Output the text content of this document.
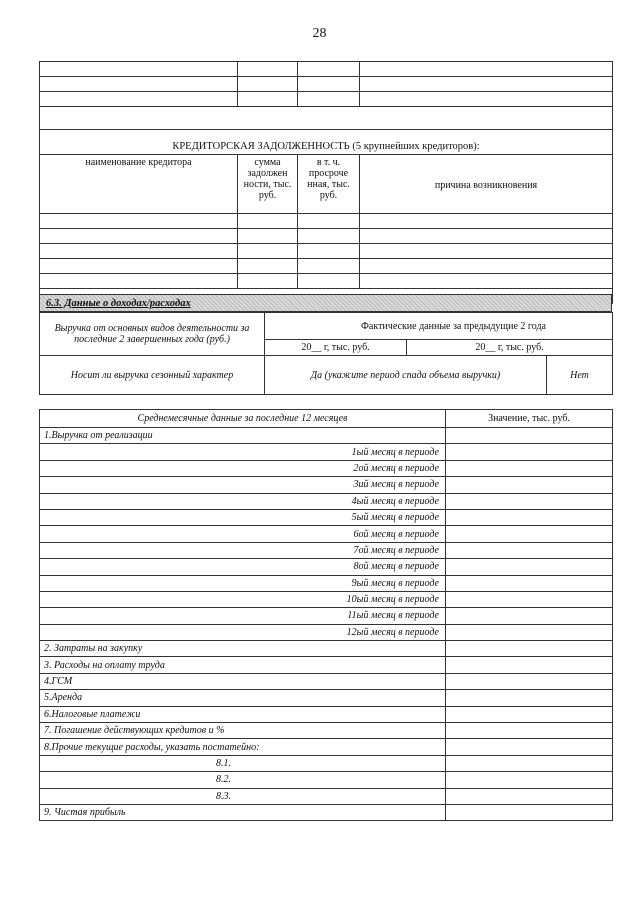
28

КРЕДИТОРСКАЯ ЗАДОЛЖЕННОСТЬ (5 крупнейших кредиторов):			
наименование кредитора	сумма задолжен ности, тыс. руб.	в т. ч. просроче нная, тыс. руб.	причина возникновения

6.3. Данные о доходах/расходах
Выручка от основных видов деятельности за последние 2 завершенных года (руб.)	Фактические данные за предыдущие 2 года		
	20__ г, тыс. руб.	20__ г, тыс. руб.	
Носит ли выручка сезонный характер	Да (укажите период спада объема выручки)		Нет
Среднемесячные данные за последние 12 месяцев	Значение, тыс. руб.
1.Выручка от реализации	
1ый месяц в периоде	
2ой месяц в периоде	
3ий месяц в периоде	
4ый месяц в периоде	
5ый месяц в периоде	
6ой месяц в периоде	
7ой месяц в периоде	
8ой месяц в периоде	
9ый месяц в периоде	
10ый месяц в периоде	
11ый месяц в периоде	
12ый месяц в периоде	
2. Затраты на закупку	
3. Расходы на оплату труда	
4.ГСМ	
5.Аренда	
6.Налоговые платежи	
7. Погашение действующих кредитов и %	
8.Прочие текущие расходы, указать постатейно:	
8.1.	
8.2.	
8.3.	
9. Чистая прибыль	
